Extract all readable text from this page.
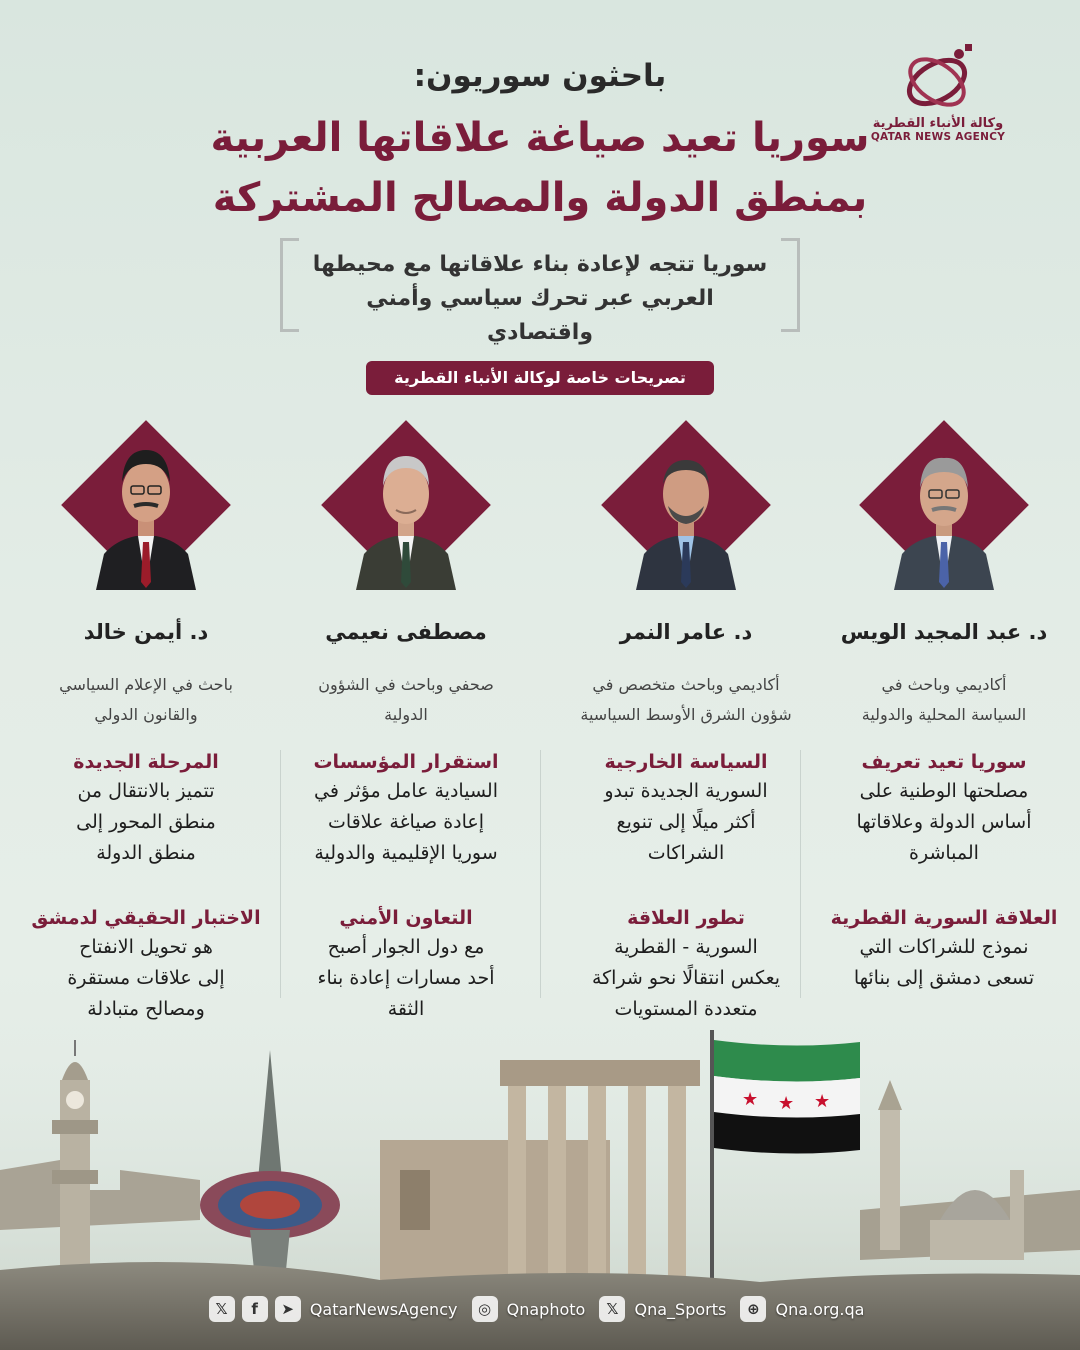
وكالة الأنباء القطرية
QATAR NEWS AGENCY
باحثون سوريون:
سوريا تعيد صياغة علاقاتها العربية
بمنطق الدولة والمصالح المشتركة
سوريا تتجه لإعادة بناء علاقاتها مع محيطها
العربي عبر تحرك سياسي وأمني واقتصادي
تصريحات خاصة لوكالة الأنباء القطرية
د. عبد المجيد الويس
أكاديمي وباحث في
السياسة المحلية والدولية
سوريا تعيد تعريف
مصلحتها الوطنية على
أساس الدولة وعلاقاتها
المباشرة
العلاقة السورية القطرية
نموذج للشراكات التي
تسعى دمشق إلى بنائها
د. عامر النمر
أكاديمي وباحث متخصص في
شؤون الشرق الأوسط السياسية
السياسة الخارجية
السورية الجديدة تبدو
أكثر ميلًا إلى تنويع
الشراكات
تطور العلاقة
السورية - القطرية
يعكس انتقالًا نحو شراكة
متعددة المستويات
مصطفى نعيمي
صحفي وباحث في الشؤون
الدولية
استقرار المؤسسات
السيادية عامل مؤثر في
إعادة صياغة علاقات
سوريا الإقليمية والدولية
التعاون الأمني
مع دول الجوار أصبح
أحد مسارات إعادة بناء
الثقة
د. أيمن خالد
باحث في الإعلام السياسي
والقانون الدولي
المرحلة الجديدة
تتميز بالانتقال من
منطق المحور إلى
منطق الدولة
الاختبار الحقيقي لدمشق
هو تحويل الانفتاح
إلى علاقات مستقرة
ومصالح متبادلة
★ ★ ★
𝕏 f ➤ QatarNewsAgency ◎ Qnaphoto 𝕏 Qna_Sports ⊕ Qna.org.qa
